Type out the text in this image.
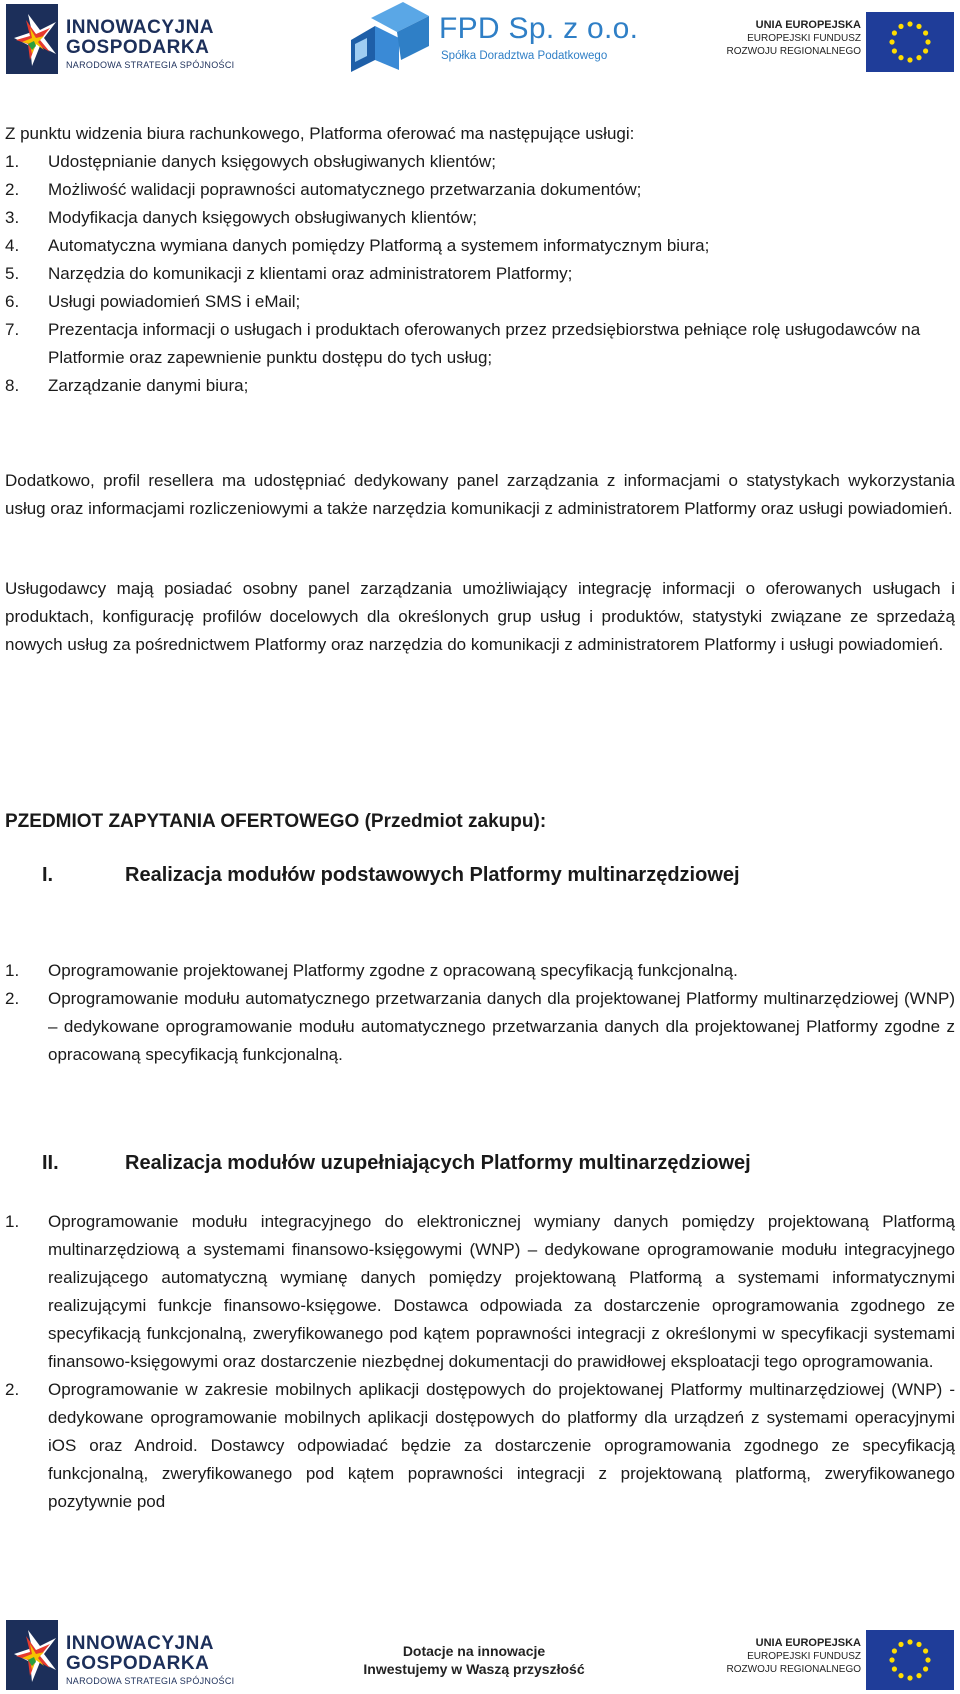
INNOWACYJNA
GOSPODARKA
NARODOWA STRATEGIA SPÓJNOŚCI
FPD Sp. z o.o.
Spółka Doradztwa Podatkowego
UNIA EUROPEJSKA
EUROPEJSKI FUNDUSZ
ROZWOJU REGIONALNEGO
Z punktu widzenia biura rachunkowego, Platforma oferować ma następujące usługi:
1. Udostępnianie danych księgowych obsługiwanych klientów;
2. Możliwość walidacji poprawności automatycznego przetwarzania dokumentów;
3. Modyfikacja danych księgowych obsługiwanych klientów;
4. Automatyczna wymiana danych pomiędzy Platformą a systemem informatycznym biura;
5. Narzędzia do komunikacji z klientami oraz administratorem Platformy;
6. Usługi powiadomień SMS i eMail;
7. Prezentacja informacji o usługach i produktach oferowanych przez przedsiębiorstwa pełniące rolę usługodawców na Platformie oraz zapewnienie punktu dostępu do tych usług;
8. Zarządzanie danymi biura;
Dodatkowo, profil resellera ma udostępniać dedykowany panel zarządzania z informacjami o statystykach wykorzystania usług oraz informacjami rozliczeniowymi a także narzędzia komunikacji z administratorem Platformy oraz usługi powiadomień.
Usługodawcy mają posiadać osobny panel zarządzania umożliwiający integrację informacji o oferowanych usługach i produktach, konfigurację profilów docelowych dla określonych grup usług i produktów, statystyki związane ze sprzedażą nowych usług za pośrednictwem Platformy oraz narzędzia do komunikacji z administratorem Platformy i usługi powiadomień.
PZEDMIOT ZAPYTANIA OFERTOWEGO (Przedmiot zakupu):
I.	Realizacja modułów podstawowych Platformy multinarzędziowej
1. Oprogramowanie projektowanej Platformy zgodne z opracowaną specyfikacją funkcjonalną.
2. Oprogramowanie modułu automatycznego przetwarzania danych dla projektowanej Platformy multinarzędziowej (WNP) – dedykowane oprogramowanie modułu automatycznego przetwarzania danych dla projektowanej Platformy zgodne z opracowaną specyfikacją funkcjonalną.
II.	Realizacja modułów uzupełniających Platformy multinarzędziowej
1. Oprogramowanie modułu integracyjnego do elektronicznej wymiany danych pomiędzy projektowaną Platformą multinarzędziową a systemami finansowo-księgowymi (WNP) – dedykowane oprogramowanie modułu integracyjnego realizującego automatyczną wymianę danych pomiędzy projektowaną Platformą a systemami informatycznymi realizującymi funkcje finansowo-księgowe. Dostawca odpowiada za dostarczenie oprogramowania zgodnego ze specyfikacją funkcjonalną, zweryfikowanego pod kątem poprawności integracji z określonymi w specyfikacji systemami finansowo-księgowymi oraz dostarczenie niezbędnej dokumentacji do prawidłowej eksploatacji tego oprogramowania.
2. Oprogramowanie w zakresie mobilnych aplikacji dostępowych do projektowanej Platformy multinarzędziowej (WNP) - dedykowane oprogramowanie mobilnych aplikacji dostępowych do platformy dla urządzeń z systemami operacyjnymi iOS oraz Android. Dostawcy odpowiadać będzie za dostarczenie oprogramowania zgodnego ze specyfikacją funkcjonalną, zweryfikowanego pod kątem poprawności integracji z projektowaną platformą, zweryfikowanego pozytywnie pod
INNOWACYJNA
GOSPODARKA
NARODOWA STRATEGIA SPÓJNOŚCI
Dotacje na innowacje
Inwestujemy w Waszą przyszłość
UNIA EUROPEJSKA
EUROPEJSKI FUNDUSZ
ROZWOJU REGIONALNEGO
